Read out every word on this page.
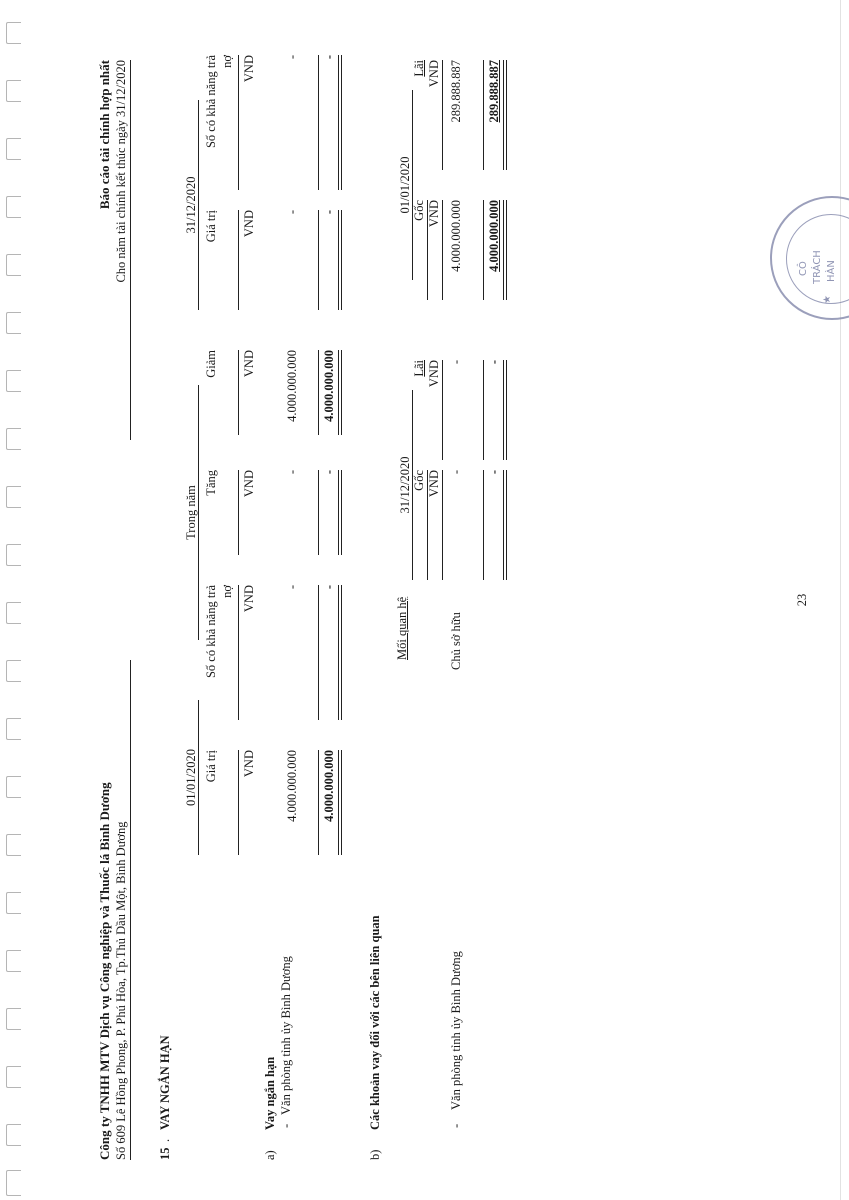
Công ty TNHH MTV Dịch vụ Công nghiệp và Thuốc lá Bình Dương Số 609 Lê Hồng Phong, P. Phú Hòa, Tp.Thủ Dầu Một, Bình Dương
Báo cáo tài chính hợp nhất Cho năm tài chính kết thúc ngày 31/12/2020
15
.
VAY NGẮN HẠN
01/01/2020
Trong năm
31/12/2020
Giá trị
Số có khả năng trả nợ
Tăng
Giảm
Giá trị
Số có khả năng trả nợ
VND
VND
VND
VND
VND
VND
a)
Vay ngắn hạn -
Văn phòng tỉnh ủy Bình Dương
4.000.000.000
-
-
4.000.000.000
-
-
4.000.000.000
-
-
4.000.000.000
-
-
b)
Các khoản vay đối với các bên liên quan
Mối quan hệ
31/12/2020
01/01/2020
Gốc
Lãi
Gốc
Lãi
VND
VND
VND
VND
-
Văn phòng tỉnh ủy Bình Dương
Chủ sở hữu
-
-
4.000.000.000
289.888.887
-
-
4.000.000.000
289.888.887
23
CÔ TRÁCH HÀN
★
